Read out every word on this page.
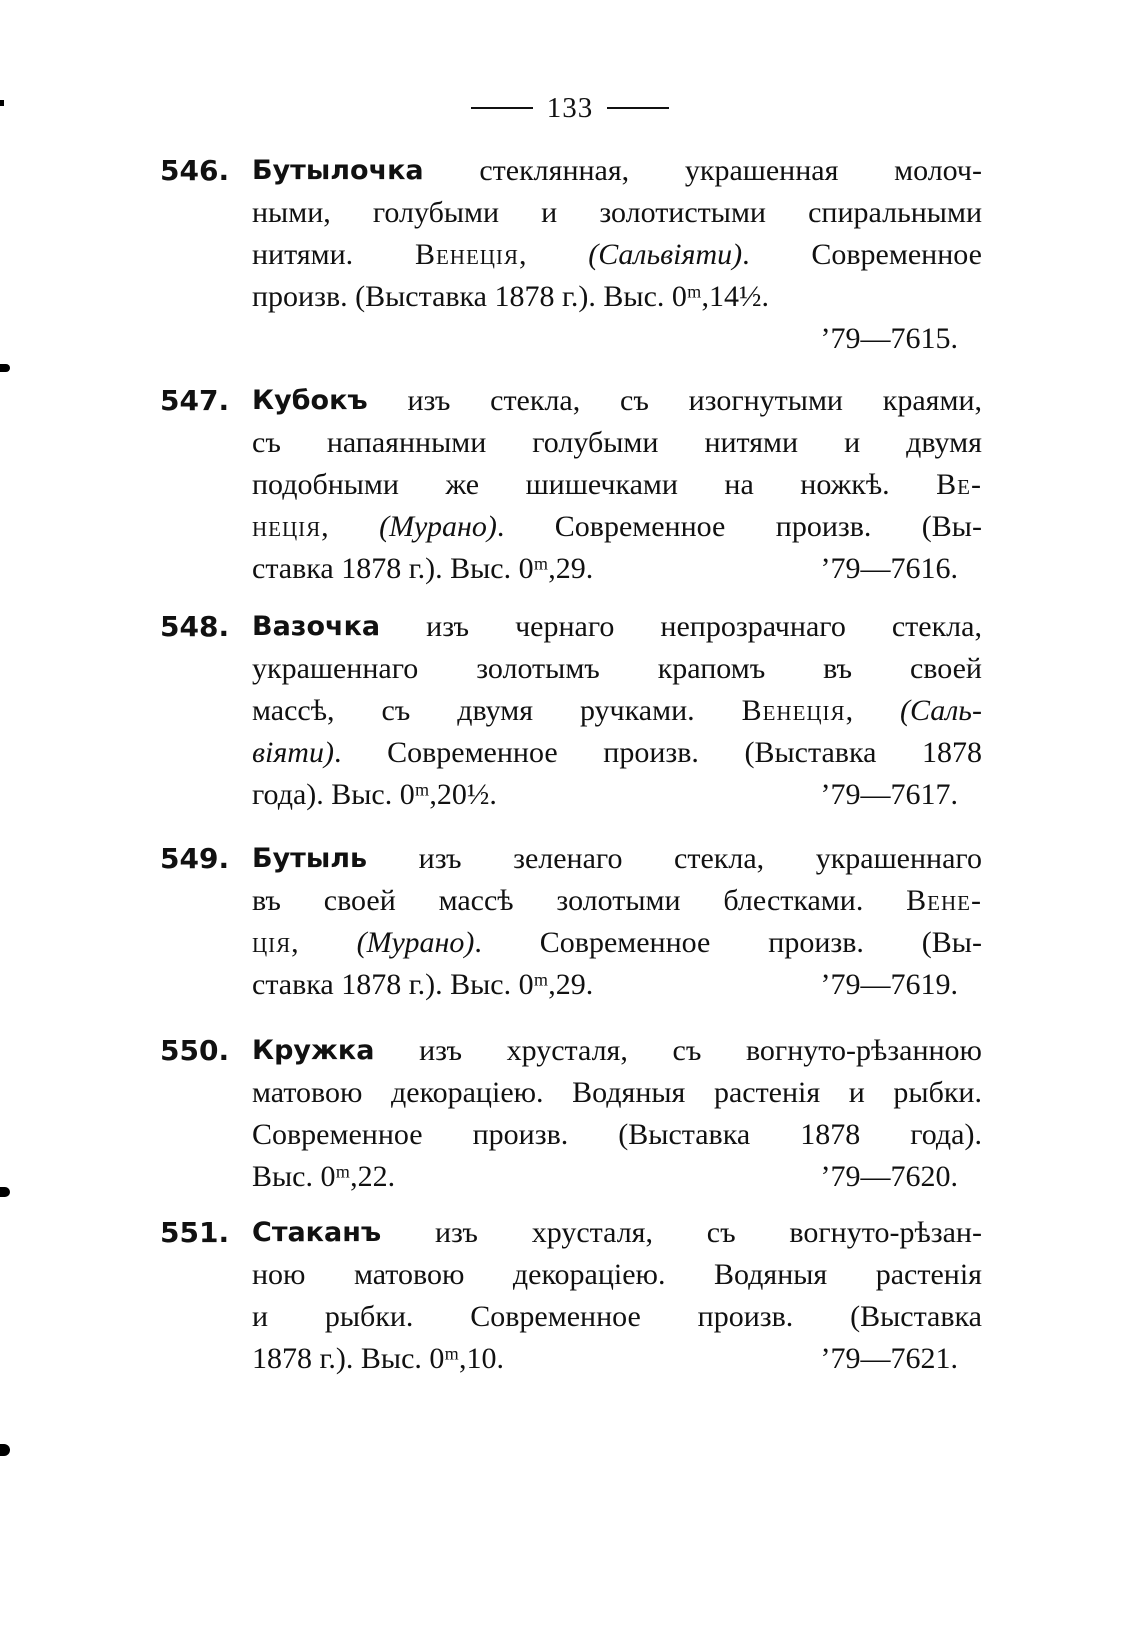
133
546. Бутылочка стеклянная, украшенная молоч-
ными, голубыми и золотистыми спиральными
нитями. Венеція, (Сальвіяти). Современное
произв. (Выставка 1878 г.). Выс. 0ᵐ,14½.
’79—7615.
547. Кубокъ изъ стекла, съ изогнутыми краями,
съ напаянными голубыми нитями и двумя
подобными же шишечками на ножкѣ. Ве-
неція, (Мурано). Современное произв. (Вы-
ставка 1878 г.). Выс. 0ᵐ,29.	’79—7616.
548. Вазочка изъ чернаго непрозрачнаго стекла,
украшеннаго золотымъ крапомъ въ своей
массѣ, съ двумя ручками. Венеція, (Саль-
віяти). Современное произв. (Выставка 1878
года). Выс. 0ᵐ,20½.	’79—7617.
549. Бутыль изъ зеленаго стекла, украшеннаго
въ своей массѣ золотыми блестками. Вене-
ція, (Мурано). Современное произв. (Вы-
ставка 1878 г.). Выс. 0ᵐ,29.	’79—7619.
550. Кружка изъ хрусталя, съ вогнуто-рѣзанною
матовою декораціею. Водяныя растенія и рыбки.
Современное произв. (Выставка 1878 года).
Выс. 0ᵐ,22.	’79—7620.
551. Стаканъ изъ хрусталя, съ вогнуто-рѣзан-
ною матовою декораціею. Водяныя растенія
и рыбки. Современное произв. (Выставка
1878 г.). Выс. 0ᵐ,10.	’79—7621.
